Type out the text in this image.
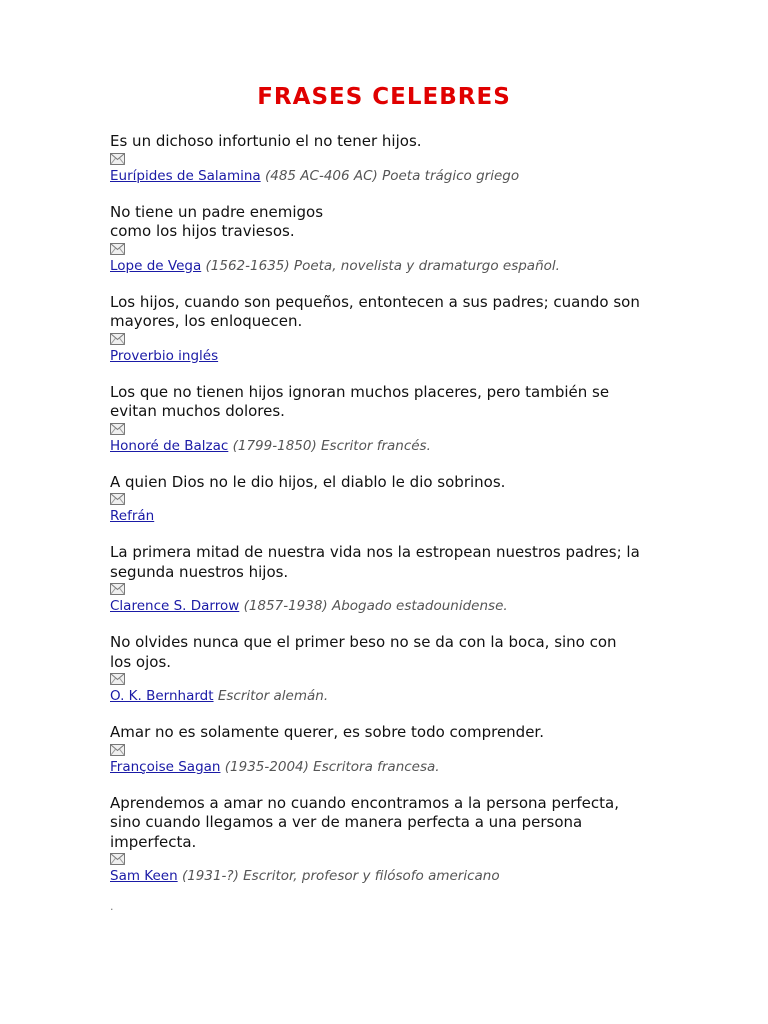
FRASES CELEBRES

Es un dichoso infortunio el no tener hijos.

Eurípides de Salamina (485 AC-406 AC) Poeta trágico griego

No tiene un padre enemigos
como los hijos traviesos.

Lope de Vega (1562-1635) Poeta, novelista y dramaturgo español.

Los hijos, cuando son pequeños, entontecen a sus padres; cuando son
mayores, los enloquecen.

Proverbio inglés

Los que no tienen hijos ignoran muchos placeres, pero también se
evitan muchos dolores.

Honoré de Balzac (1799-1850) Escritor francés.

A quien Dios no le dio hijos, el diablo le dio sobrinos.

Refrán

La primera mitad de nuestra vida nos la estropean nuestros padres; la
segunda nuestros hijos.

Clarence S. Darrow (1857-1938) Abogado estadounidense.

No olvides nunca que el primer beso no se da con la boca, sino con
los ojos.

O. K. Bernhardt Escritor alemán.

Amar no es solamente querer, es sobre todo comprender.

Françoise Sagan (1935-2004) Escritora francesa.

Aprendemos a amar no cuando encontramos a la persona perfecta,
sino cuando llegamos a ver de manera perfecta a una persona
imperfecta.

Sam Keen (1931-?) Escritor, profesor y filósofo americano

.
